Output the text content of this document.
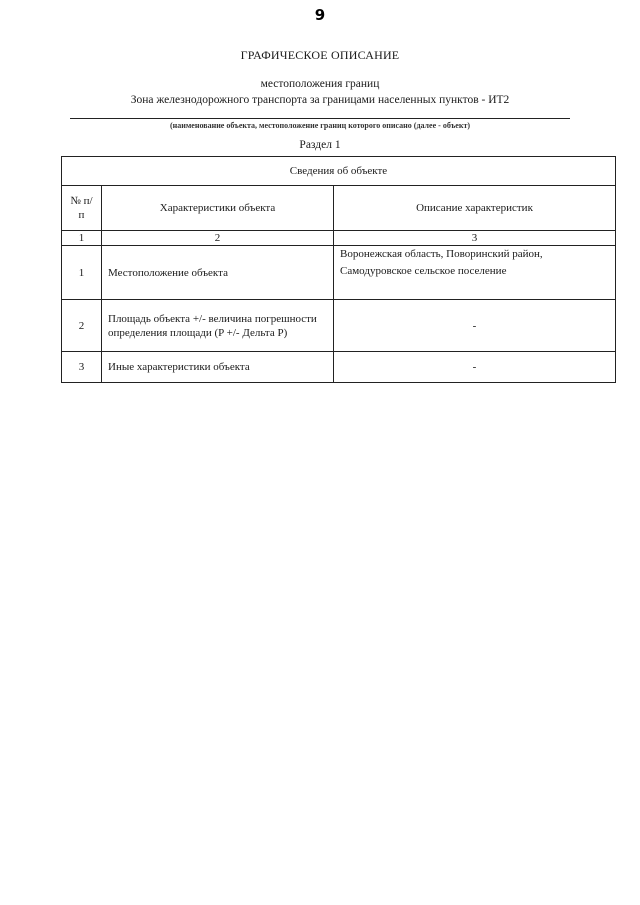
9
ГРАФИЧЕСКОЕ ОПИСАНИЕ
местоположения границ
Зона железнодорожного транспорта за границами населенных пунктов - ИТ2
(наименование объекта, местоположение границ которого описано (далее - объект)
Раздел 1
Сведения об объекте		
№ п/п	Характеристики объекта	Описание характеристик
1	2	3
1	Местоположение объекта	Воронежская область, Поворинский район, Самодуровское сельское поселение
2	Площадь объекта +/- величина погрешности определения площади (P +/- Дельта P)	-
3	Иные характеристики объекта	-
